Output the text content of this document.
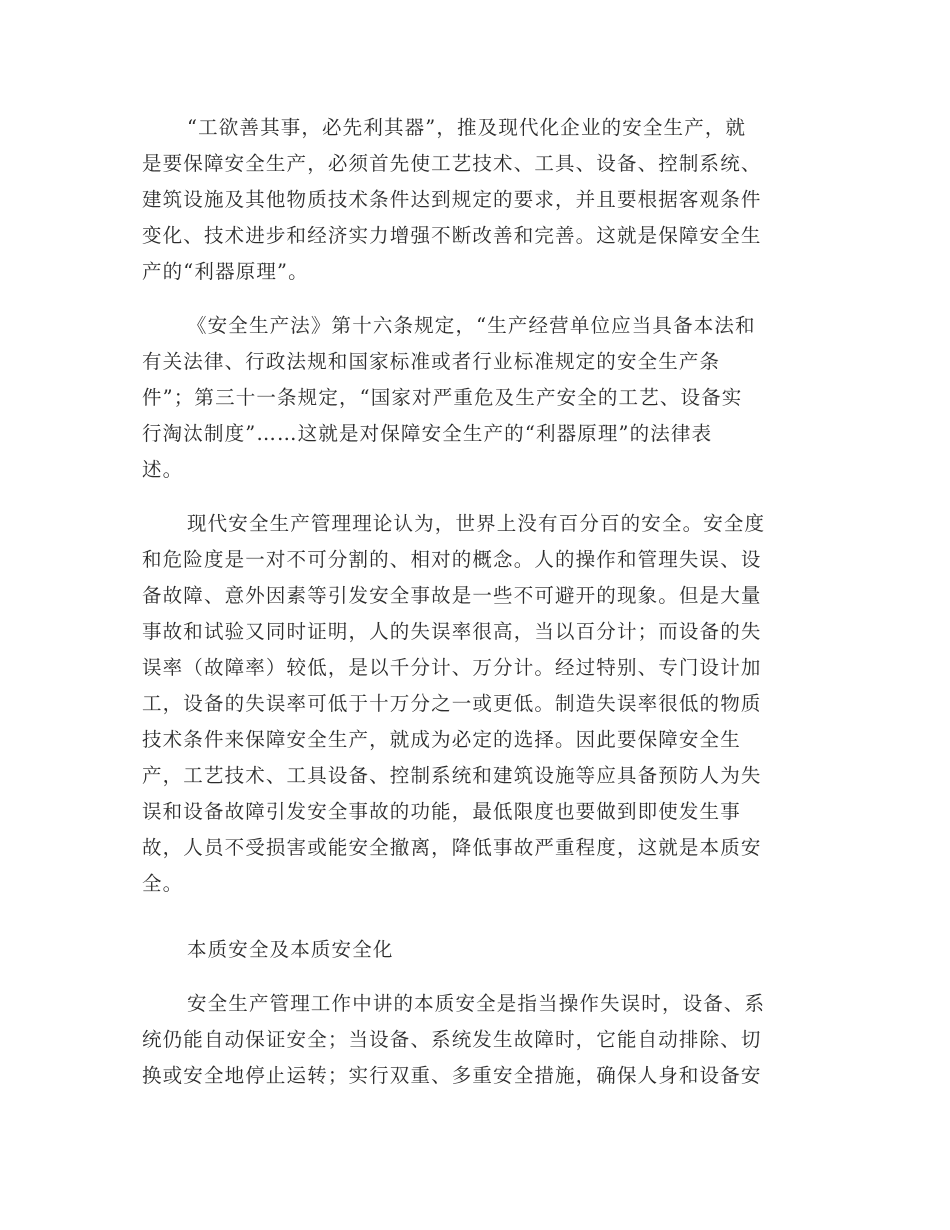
“工欲善其事，必先利其器”，推及现代化企业的安全生产，就
是要保障安全生产，必须首先使工艺技术、工具、设备、控制系统、
建筑设施及其他物质技术条件达到规定的要求，并且要根据客观条件
变化、技术进步和经济实力增强不断改善和完善。这就是保障安全生
产的“利器原理”。
《安全生产法》第十六条规定，“生产经营单位应当具备本法和
有关法律、行政法规和国家标准或者行业标准规定的安全生产条
件”；第三十一条规定，“国家对严重危及生产安全的工艺、设备实
行淘汰制度”……这就是对保障安全生产的“利器原理”的法律表
述。
现代安全生产管理理论认为，世界上没有百分百的安全。安全度
和危险度是一对不可分割的、相对的概念。人的操作和管理失误、设
备故障、意外因素等引发安全事故是一些不可避开的现象。但是大量
事故和试验又同时证明，人的失误率很高，当以百分计；而设备的失
误率（故障率）较低，是以千分计、万分计。经过特别、专门设计加
工，设备的失误率可低于十万分之一或更低。制造失误率很低的物质
技术条件来保障安全生产，就成为必定的选择。因此要保障安全生
产，工艺技术、工具设备、控制系统和建筑设施等应具备预防人为失
误和设备故障引发安全事故的功能，最低限度也要做到即使发生事
故，人员不受损害或能安全撤离，降低事故严重程度，这就是本质安
全。
本质安全及本质安全化
安全生产管理工作中讲的本质安全是指当操作失误时，设备、系
统仍能自动保证安全；当设备、系统发生故障时，它能自动排除、切
换或安全地停止运转；实行双重、多重安全措施，确保人身和设备安
